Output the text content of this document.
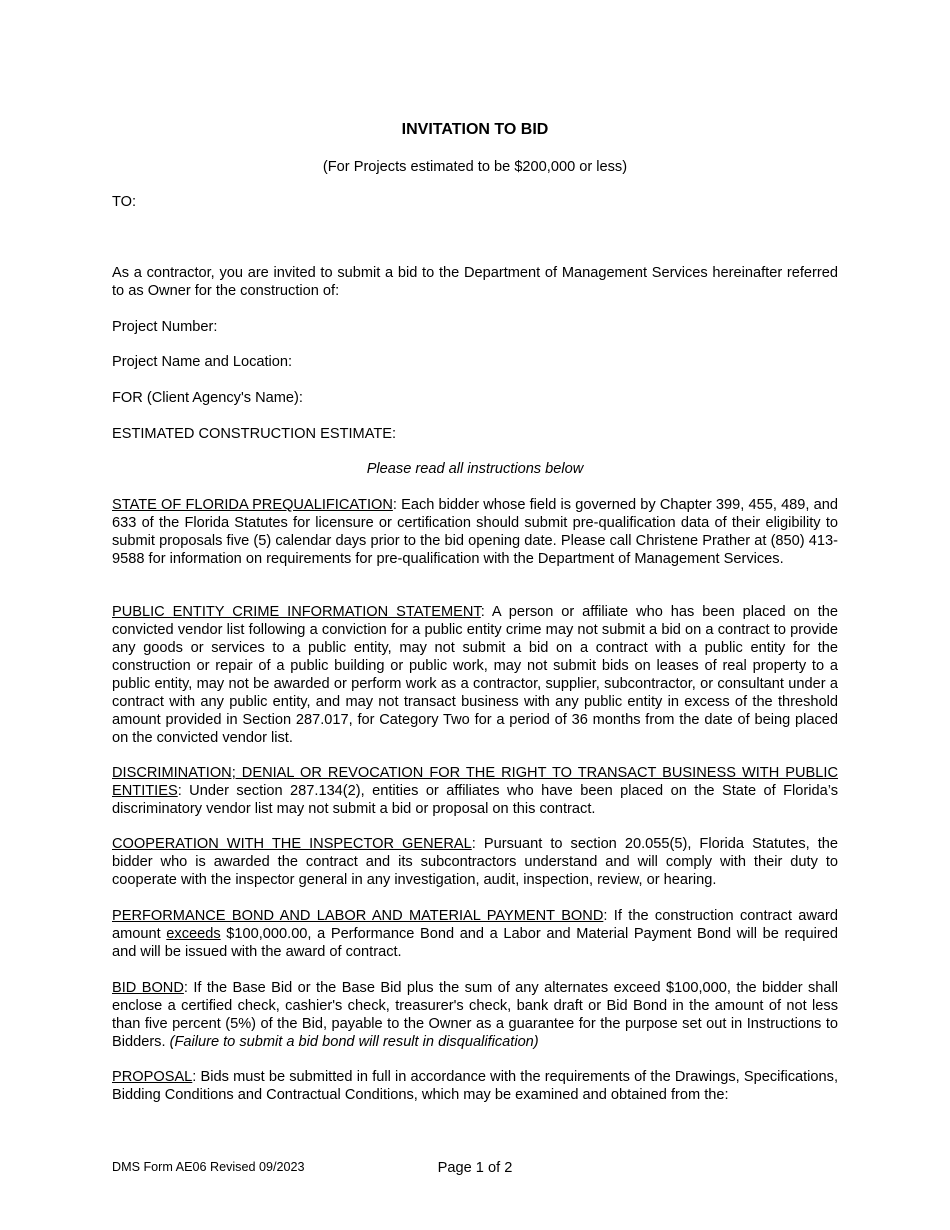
INVITATION TO BID
(For Projects estimated to be $200,000 or less)
TO:
As a contractor, you are invited to submit a bid to the Department of Management Services hereinafter referred to as Owner for the construction of:
Project Number:
Project Name and Location:
FOR (Client Agency's Name):
ESTIMATED CONSTRUCTION ESTIMATE:
Please read all instructions below
STATE OF FLORIDA PREQUALIFICATION: Each bidder whose field is governed by Chapter 399, 455, 489, and 633 of the Florida Statutes for licensure or certification should submit pre-qualification data of their eligibility to submit proposals five (5) calendar days prior to the bid opening date. Please call Christene Prather at (850) 413-9588 for information on requirements for pre-qualification with the Department of Management Services.
PUBLIC ENTITY CRIME INFORMATION STATEMENT: A person or affiliate who has been placed on the convicted vendor list following a conviction for a public entity crime may not submit a bid on a contract to provide any goods or services to a public entity, may not submit a bid on a contract with a public entity for the construction or repair of a public building or public work, may not submit bids on leases of real property to a public entity, may not be awarded or perform work as a contractor, supplier, subcontractor, or consultant under a contract with any public entity, and may not transact business with any public entity in excess of the threshold amount provided in Section 287.017, for Category Two for a period of 36 months from the date of being placed on the convicted vendor list.
DISCRIMINATION; DENIAL OR REVOCATION FOR THE RIGHT TO TRANSACT BUSINESS WITH PUBLIC ENTITIES: Under section 287.134(2), entities or affiliates who have been placed on the State of Florida’s discriminatory vendor list may not submit a bid or proposal on this contract.
COOPERATION WITH THE INSPECTOR GENERAL: Pursuant to section 20.055(5), Florida Statutes, the bidder who is awarded the contract and its subcontractors understand and will comply with their duty to cooperate with the inspector general in any investigation, audit, inspection, review, or hearing.
PERFORMANCE BOND AND LABOR AND MATERIAL PAYMENT BOND: If the construction contract award amount exceeds $100,000.00, a Performance Bond and a Labor and Material Payment Bond will be required and will be issued with the award of contract.
BID BOND: If the Base Bid or the Base Bid plus the sum of any alternates exceed $100,000, the bidder shall enclose a certified check, cashier's check, treasurer's check, bank draft or Bid Bond in the amount of not less than five percent (5%) of the Bid, payable to the Owner as a guarantee for the purpose set out in Instructions to Bidders. (Failure to submit a bid bond will result in disqualification)
PROPOSAL: Bids must be submitted in full in accordance with the requirements of the Drawings, Specifications, Bidding Conditions and Contractual Conditions, which may be examined and obtained from the:
DMS Form AE06 Revised 09/2023	Page 1 of 2
